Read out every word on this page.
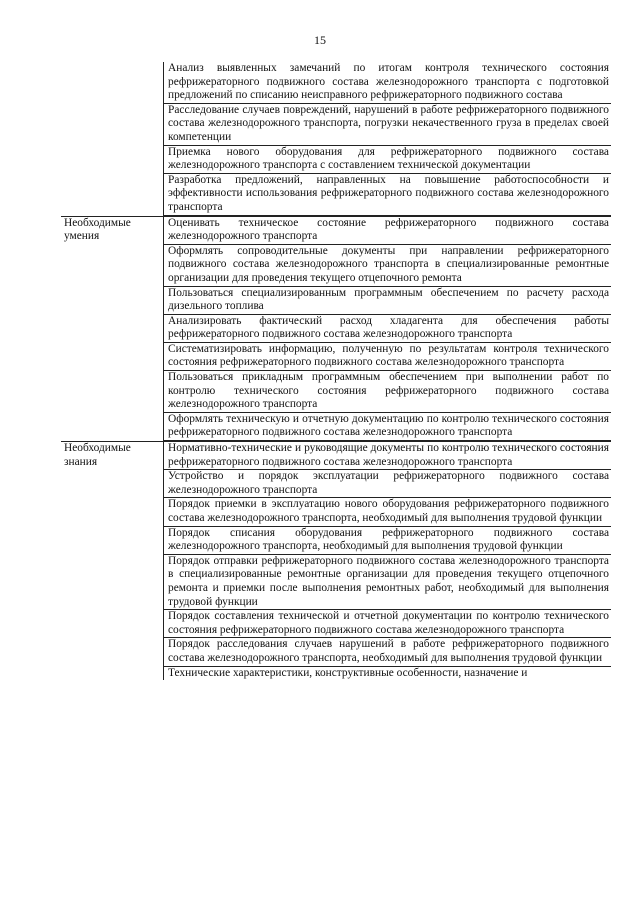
15

	Анализ выявленных замечаний по итогам контроля технического состояния рефрижераторного подвижного состава железнодорожного транспорта с подготовкой предложений по списанию неисправного рефрижераторного подвижного состава

	Расследование случаев повреждений, нарушений в работе рефрижераторного подвижного состава железнодорожного транспорта, погрузки некачественного груза в пределах своей компетенции

	Приемка нового оборудования для рефрижераторного подвижного состава железнодорожного транспорта с составлением технической документации

	Разработка предложений, направленных на повышение работоспособности и эффективности использования рефрижераторного подвижного состава железнодорожного транспорта

Необходимые умения	Оценивать техническое состояние рефрижераторного подвижного состава железнодорожного транспорта

	Оформлять сопроводительные документы при направлении рефрижераторного подвижного состава железнодорожного транспорта в специализированные ремонтные организации для проведения текущего отцепочного ремонта

	Пользоваться специализированным программным обеспечением по расчету расхода дизельного топлива

	Анализировать фактический расход хладагента для обеспечения работы рефрижераторного подвижного состава железнодорожного транспорта

	Систематизировать информацию, полученную по результатам контроля технического состояния рефрижераторного подвижного состава железнодорожного транспорта

	Пользоваться прикладным программным обеспечением при выполнении работ по контролю технического состояния рефрижераторного подвижного состава железнодорожного транспорта

	Оформлять техническую и отчетную документацию по контролю технического состояния рефрижераторного подвижного состава железнодорожного транспорта

Необходимые знания	Нормативно-технические и руководящие документы по контролю технического состояния рефрижераторного подвижного состава железнодорожного транспорта

	Устройство и порядок эксплуатации рефрижераторного подвижного состава железнодорожного транспорта

	Порядок приемки в эксплуатацию нового оборудования рефрижераторного подвижного состава железнодорожного транспорта, необходимый для выполнения трудовой функции

	Порядок списания оборудования рефрижераторного подвижного состава железнодорожного транспорта, необходимый для выполнения трудовой функции

	Порядок отправки рефрижераторного подвижного состава железнодорожного транспорта в специализированные ремонтные организации для проведения текущего отцепочного ремонта и приемки после выполнения ремонтных работ, необходимый для выполнения трудовой функции

	Порядок составления технической и отчетной документации по контролю технического состояния рефрижераторного подвижного состава железнодорожного транспорта

	Порядок расследования случаев нарушений в работе рефрижераторного подвижного состава железнодорожного транспорта, необходимый для выполнения трудовой функции

	Технические характеристики, конструктивные особенности, назначение и
